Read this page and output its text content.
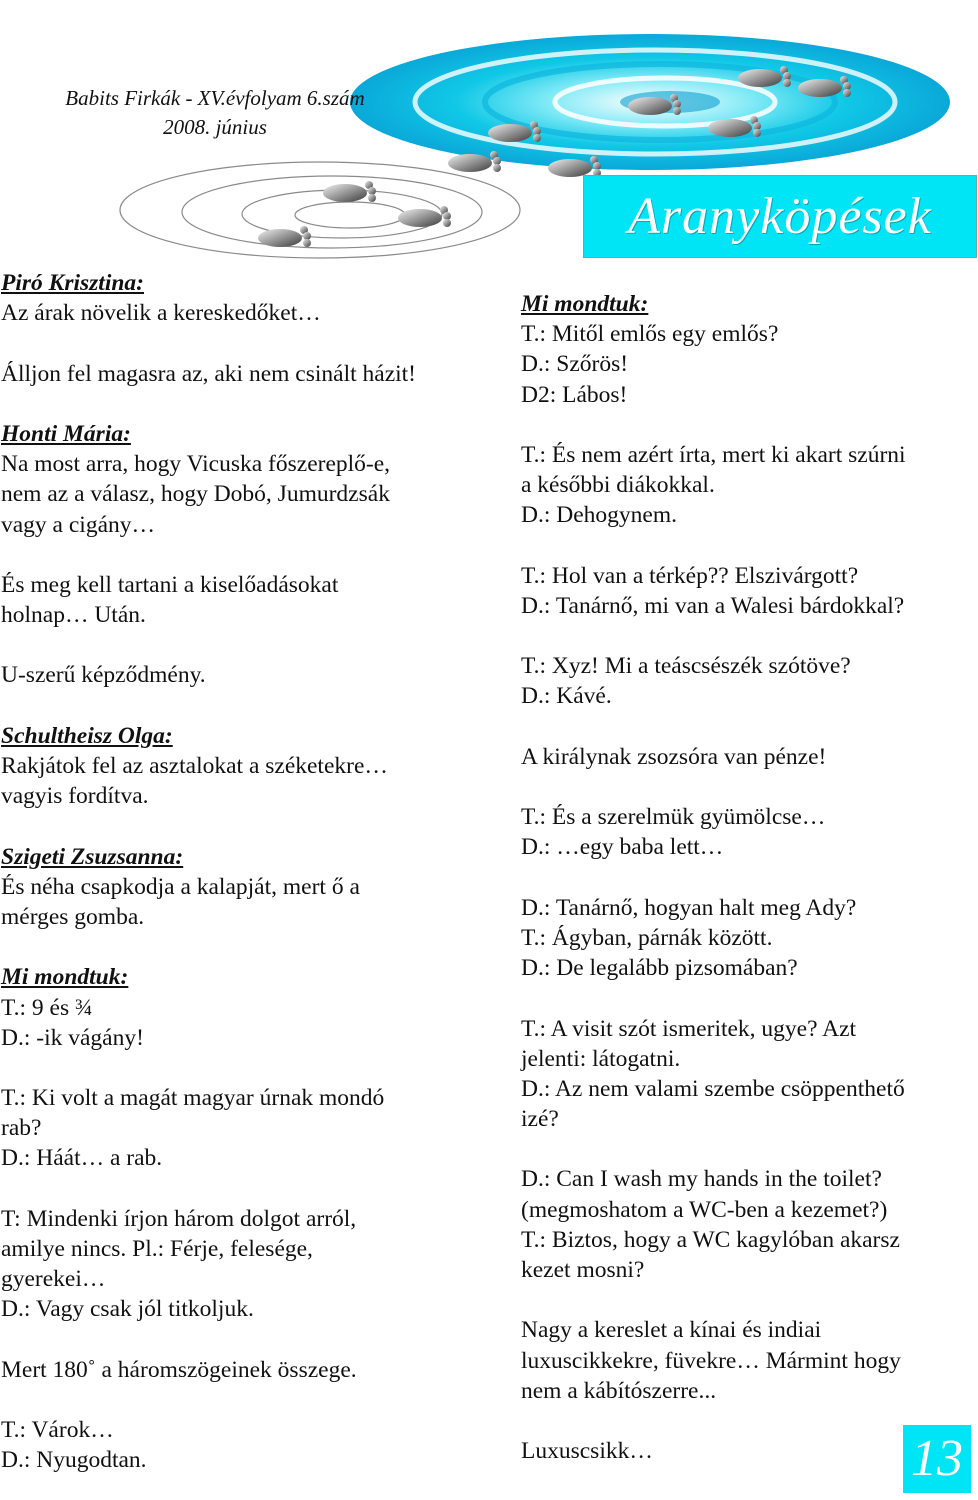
Babits Firkák - XV.évfolyam 6.szám
2008. június
Aranyköpések
Piró Krisztina:
Az árak növelik a kereskedőket…
Álljon fel magasra az, aki nem csinált házit!
Honti Mária:
Na most arra, hogy Vicuska főszereplő-e,
nem az a válasz, hogy Dobó, Jumurdzsák
vagy a cigány…
És meg kell tartani a kiselőadásokat
holnap… Után.
U-szerű képződmény.
Schultheisz Olga:
Rakjátok fel az asztalokat a széketekre…
vagyis fordítva.
Szigeti Zsuzsanna:
És néha csapkodja a kalapját, mert ő a
mérges gomba.
Mi mondtuk:
T.: 9 és ¾
D.: -ik vágány!
T.: Ki volt a magát magyar úrnak mondó
rab?
D.: Háát… a rab.
T: Mindenki írjon három dolgot arról,
amilye nincs. Pl.: Férje, felesége,
gyerekei…
D.: Vagy csak jól titkoljuk.
Mert 180˚ a háromszögeinek összege.
T.: Várok…
D.: Nyugodtan.
Mi mondtuk:
T.: Mitől emlős egy emlős?
D.: Szőrös!
D2: Lábos!
T.: És nem azért írta, mert ki akart szúrni
a későbbi diákokkal.
D.: Dehogynem.
T.: Hol van a térkép?? Elszivárgott?
D.: Tanárnő, mi van a Walesi bárdokkal?
T.: Xyz! Mi a teáscsészék szótöve?
D.: Kávé.
A királynak zsozsóra van pénze!
T.: És a szerelmük gyümölcse…
D.: …egy baba lett…
D.: Tanárnő, hogyan halt meg Ady?
T.: Ágyban, párnák között.
D.: De legalább pizsomában?
T.: A visit szót ismeritek, ugye? Azt
jelenti: látogatni.
D.: Az nem valami szembe csöppenthető
izé?
D.: Can I wash my hands in the toilet?
(megmoshatom a WC-ben a kezemet?)
T.: Biztos, hogy a WC kagylóban akarsz
kezet mosni?
Nagy a kereslet a kínai és indiai
luxuscikkekre, füvekre… Mármint hogy
nem a kábítószerre...
Luxuscsikk…	13
